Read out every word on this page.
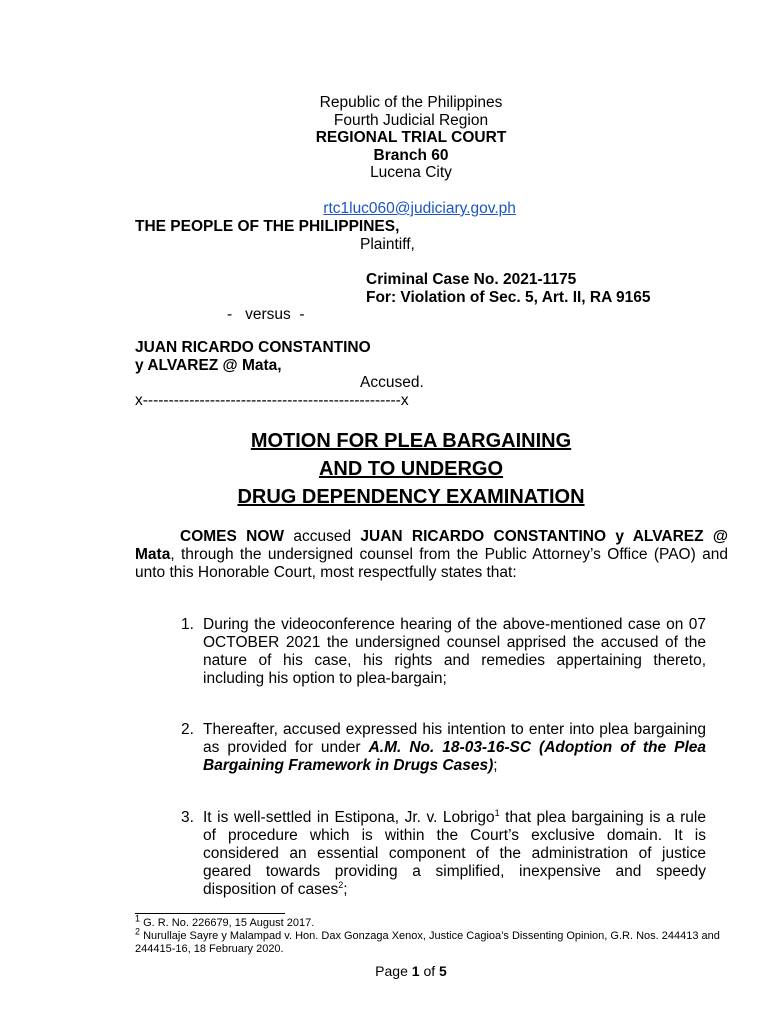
Republic of the Philippines
Fourth Judicial Region
REGIONAL TRIAL COURT
Branch 60
Lucena City

rtc1luc060@judiciary.gov.ph

THE PEOPLE OF THE PHILIPPINES,
Plaintiff,
Criminal Case No. 2021-1175
For: Violation of Sec. 5, Art. II, RA 9165
-   versus  -
JUAN RICARDO CONSTANTINO
y ALVAREZ @ Mata,
Accused.
x--------------------------------------------------x
MOTION FOR PLEA BARGAINING
AND TO UNDERGO
DRUG DEPENDENCY EXAMINATION
COMES NOW accused JUAN RICARDO CONSTANTINO y ALVAREZ @ Mata, through the undersigned counsel from the Public Attorney’s Office (PAO) and unto this Honorable Court, most respectfully states that:
1. During the videoconference hearing of the above-mentioned case on 07 OCTOBER 2021 the undersigned counsel apprised the accused of the nature of his case, his rights and remedies appertaining thereto, including his option to plea-bargain;
2. Thereafter, accused expressed his intention to enter into plea bargaining as provided for under A.M. No. 18-03-16-SC (Adoption of the Plea Bargaining Framework in Drugs Cases);
3. It is well-settled in Estipona, Jr. v. Lobrigo$^1$ that plea bargaining is a rule of procedure which is within the Court’s exclusive domain. It is considered an essential component of the administration of justice geared towards providing a simplified, inexpensive and speedy disposition of cases$^2$;
$^1$ G. R. No. 226679, 15 August 2017.
$^2$ Nurullaje Sayre y Malampad v. Hon. Dax Gonzaga Xenox, Justice Cagioa’s Dissenting Opinion, G.R. Nos. 244413 and 244415-16, 18 February 2020.
Page 1 of 5
